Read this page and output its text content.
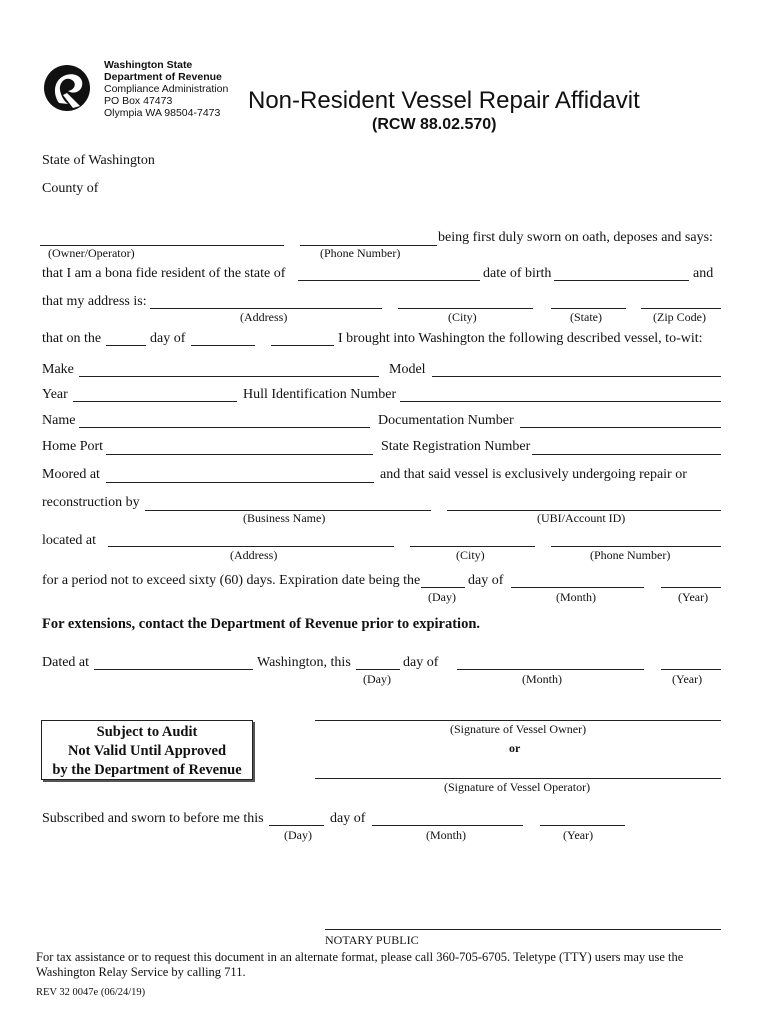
Washington State
Department of Revenue
Compliance Administration
PO Box 47473
Olympia WA 98504-7473	Non-Resident Vessel Repair Affidavit
(RCW 88.02.570)
State of Washington
County of
being first duly sworn on oath, deposes and says:
(Owner/Operator)	(Phone Number)
that I am a bona fide resident of the state of	date of birth	and
that my address is:
(Address)	(City)	(State)	(Zip Code)
that on the	day of	I brought into Washington the following described vessel, to-wit:
Make	Model
Year	Hull Identification Number
Name	Documentation Number
Home Port	State Registration Number
Moored at	and that said vessel is exclusively undergoing repair or
reconstruction by
(Business Name)	(UBI/Account ID)
located at
(Address)	(City)	(Phone Number)
for a period not to exceed sixty (60) days. Expiration date being the	day of
(Day)	(Month)	(Year)
For extensions, contact the Department of Revenue prior to expiration.
Dated at	Washington, this	day of
(Day)	(Month)	(Year)
Subject to Audit
Not Valid Until Approved
by the Department of Revenue
(Signature of Vessel Owner)
or
(Signature of Vessel Operator)
Subscribed and sworn to before me this	day of
(Day)	(Month)	(Year)
NOTARY PUBLIC
For tax assistance or to request this document in an alternate format, please call 360-705-6705. Teletype (TTY) users may use the
Washington Relay Service by calling 711.
REV 32 0047e (06/24/19)
